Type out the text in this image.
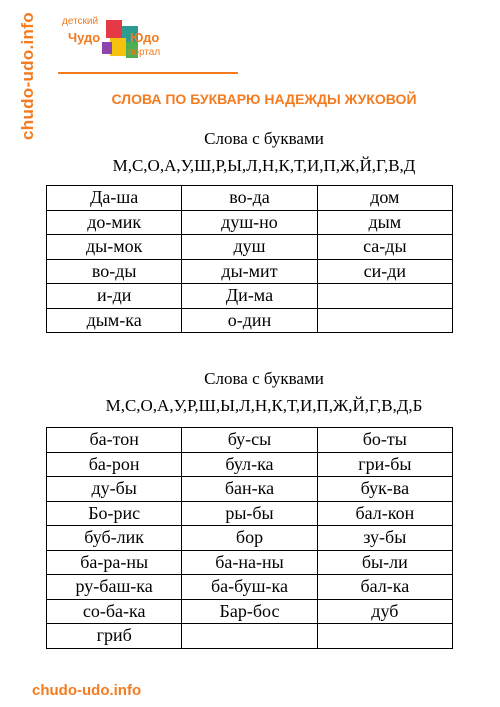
chudo-udo.info	детский
Чудо Юдо
портал
СЛОВА ПО БУКВАРЮ НАДЕЖДЫ ЖУКОВОЙ
Слова с буквами
М,С,О,А,У,Ш,Р,Ы,Л,Н,К,Т,И,П,Ж,Й,Г,В,Д
Да-ша	во-да	дом
до-мик	душ-но	дым
ды-мок	душ	са-ды
во-ды	ды-мит	си-ди
и-ди	Ди-ма	
дым-ка	о-дин	
Слова с буквами
М,С,О,А,У,Р,Ш,Ы,Л,Н,К,Т,И,П,Ж,Й,Г,В,Д,Б
ба-тон	бу-сы	бо-ты
ба-рон	бул-ка	гри-бы
ду-бы	бан-ка	бук-ва
Бо-рис	ры-бы	бал-кон
буб-лик	бор	зу-бы
ба-ра-ны	ба-на-ны	бы-ли
ру-баш-ка	ба-буш-ка	бал-ка
со-ба-ка	Бар-бос	дуб
гриб		
chudo-udo.info
